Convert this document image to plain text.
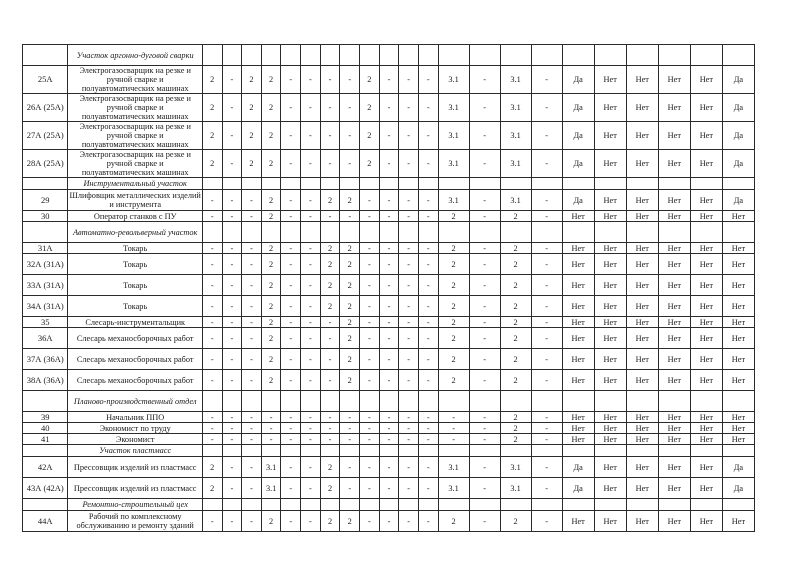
	Участок аргонно-дуговой сварки																						
25А	Электрогазосварщик на резке и ручной сварке и полуавтоматических машинах	2	-	2	2	-	-	-	-	2	-	-	-	3.1	-	3.1	-	Да	Нет	Нет	Нет	Нет	Да
26А (25А)	Электрогазосварщик на резке и ручной сварке и полуавтоматических машинах	2	-	2	2	-	-	-	-	2	-	-	-	3.1	-	3.1	-	Да	Нет	Нет	Нет	Нет	Да
27А (25А)	Электрогазосварщик на резке и ручной сварке и полуавтоматических машинах	2	-	2	2	-	-	-	-	2	-	-	-	3.1	-	3.1	-	Да	Нет	Нет	Нет	Нет	Да
28А (25А)	Электрогазосварщик на резке и ручной сварке и полуавтоматических машинах	2	-	2	2	-	-	-	-	2	-	-	-	3.1	-	3.1	-	Да	Нет	Нет	Нет	Нет	Да
	Инструментальный участок																						
29	Шлифовщик металлических изделий и инструмента	-	-	-	2	-	-	2	2	-	-	-	-	3.1	-	3.1	-	Да	Нет	Нет	Нет	Нет	Да
30	Оператор станков с ПУ	-	-	-	2	-	-	-	-	-	-	-	-	2	-	2	-	Нет	Нет	Нет	Нет	Нет	Нет
	Автоматно-револьверный участок																						
31А	Токарь	-	-	-	2	-	-	2	2	-	-	-	-	2	-	2	-	Нет	Нет	Нет	Нет	Нет	Нет
32А (31А)	Токарь	-	-	-	2	-	-	2	2	-	-	-	-	2	-	2	-	Нет	Нет	Нет	Нет	Нет	Нет
33А (31А)	Токарь	-	-	-	2	-	-	2	2	-	-	-	-	2	-	2	-	Нет	Нет	Нет	Нет	Нет	Нет
34А (31А)	Токарь	-	-	-	2	-	-	2	2	-	-	-	-	2	-	2	-	Нет	Нет	Нет	Нет	Нет	Нет
35	Слесарь-инструментальщик	-	-	-	2	-	-	-	2	-	-	-	-	2	-	2	-	Нет	Нет	Нет	Нет	Нет	Нет
36А	Слесарь механосборочных работ	-	-	-	2	-	-	-	2	-	-	-	-	2	-	2	-	Нет	Нет	Нет	Нет	Нет	Нет
37А (36А)	Слесарь механосборочных работ	-	-	-	2	-	-	-	2	-	-	-	-	2	-	2	-	Нет	Нет	Нет	Нет	Нет	Нет
38А (36А)	Слесарь механосборочных работ	-	-	-	2	-	-	-	2	-	-	-	-	2	-	2	-	Нет	Нет	Нет	Нет	Нет	Нет
	Планово-производственный отдел																						
39	Начальник ППО	-	-	-	-	-	-	-	-	-	-	-	-	-	-	2	-	Нет	Нет	Нет	Нет	Нет	Нет
40	Экономист по труду	-	-	-	-	-	-	-	-	-	-	-	-	-	-	2	-	Нет	Нет	Нет	Нет	Нет	Нет
41	Экономист	-	-	-	-	-	-	-	-	-	-	-	-	-	-	2	-	Нет	Нет	Нет	Нет	Нет	Нет
	Участок пластмасс																						
42А	Прессовщик изделий из пластмасс	2	-	-	3.1	-	-	2	-	-	-	-	-	3.1	-	3.1	-	Да	Нет	Нет	Нет	Нет	Да
43А (42А)	Прессовщик изделий из пластмасс	2	-	-	3.1	-	-	2	-	-	-	-	-	3.1	-	3.1	-	Да	Нет	Нет	Нет	Нет	Да
	Ремонтно-строительный цех																						
44А	Рабочий по комплексному обслуживанию и ремонту зданий	-	-	-	2	-	-	2	2	-	-	-	-	2	-	2	-	Нет	Нет	Нет	Нет	Нет	Нет
